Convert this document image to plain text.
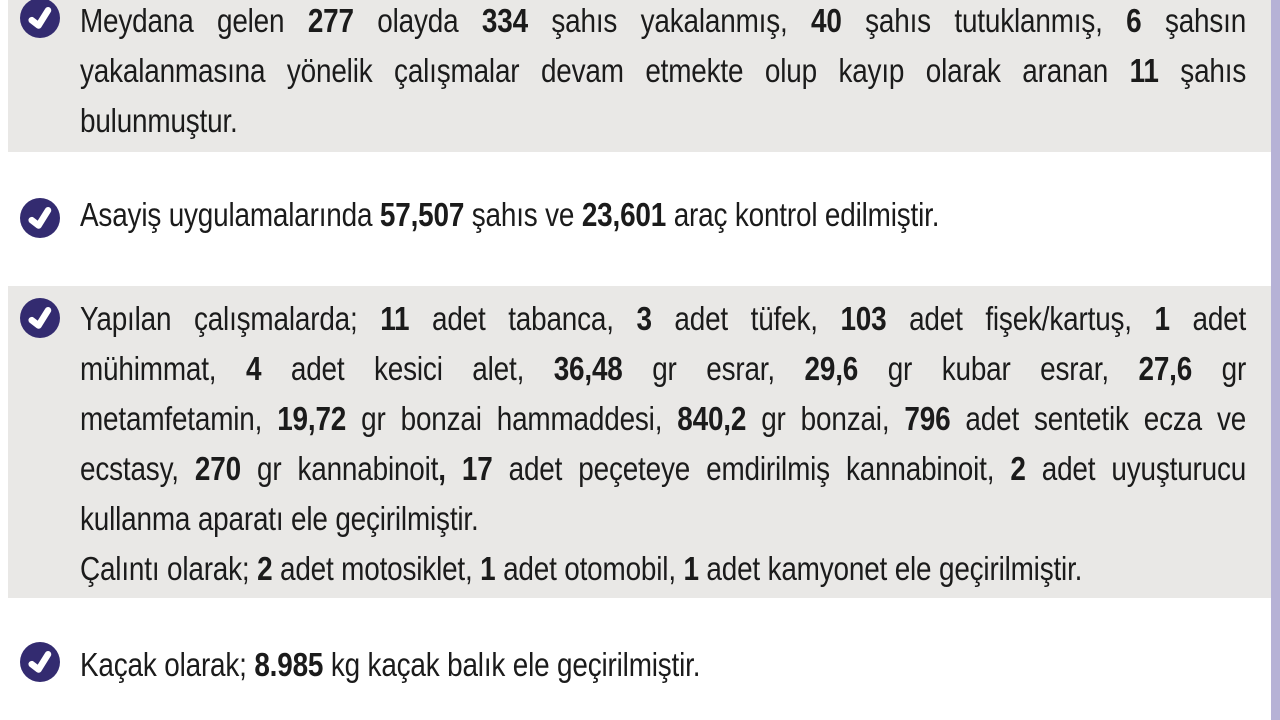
Meydana gelen 277 olayda 334 şahıs yakalanmış, 40 şahıs tutuklanmış, 6 şahsın
yakalanmasına yönelik çalışmalar devam etmekte olup kayıp olarak aranan 11 şahıs
bulunmuştur.
Asayiş uygulamalarında 57,507 şahıs ve 23,601 araç kontrol edilmiştir.
Yapılan çalışmalarda; 11 adet tabanca, 3 adet tüfek, 103 adet fişek/kartuş, 1 adet
mühimmat, 4 adet kesici alet, 36,48 gr esrar, 29,6 gr kubar esrar, 27,6 gr
metamfetamin, 19,72 gr bonzai hammaddesi, 840,2 gr bonzai, 796 adet sentetik ecza ve
ecstasy, 270 gr kannabinoit, 17 adet peçeteye emdirilmiş kannabinoit, 2 adet uyuşturucu
kullanma aparatı ele geçirilmiştir.
Çalıntı olarak; 2 adet motosiklet, 1 adet otomobil, 1 adet kamyonet ele geçirilmiştir.
Kaçak olarak; 8.985 kg kaçak balık ele geçirilmiştir.
